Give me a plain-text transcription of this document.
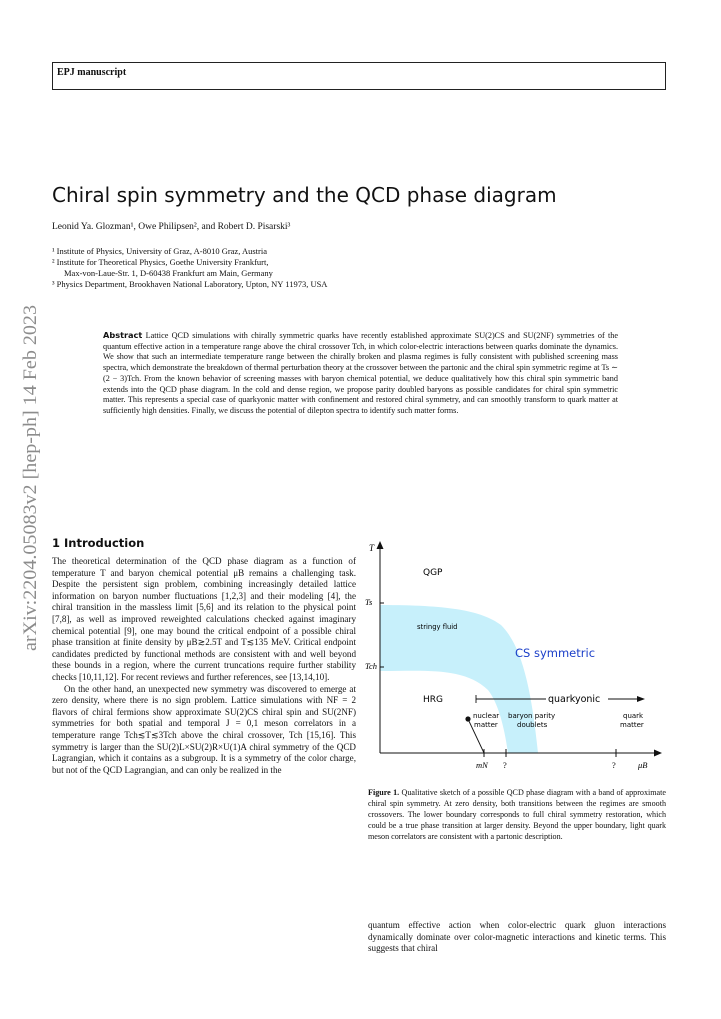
EPJ manuscript
arXiv:2204.05083v2 [hep-ph] 14 Feb 2023
Chiral spin symmetry and the QCD phase diagram
Leonid Ya. Glozman¹, Owe Philipsen², and Robert D. Pisarski³
¹ Institute of Physics, University of Graz, A-8010 Graz, Austria
² Institute for Theoretical Physics, Goethe University Frankfurt,
Max-von-Laue-Str. 1, D-60438 Frankfurt am Main, Germany
³ Physics Department, Brookhaven National Laboratory, Upton, NY 11973, USA
Abstract Lattice QCD simulations with chirally symmetric quarks have recently established approximate SU(2)CS and SU(2NF) symmetries of the quantum effective action in a temperature range above the chiral crossover Tch, in which color-electric interactions between quarks dominate the dynamics. We show that such an intermediate temperature range between the chirally broken and plasma regimes is fully consistent with published screening mass spectra, which demonstrate the breakdown of thermal perturbation theory at the crossover between the partonic and the chiral spin symmetric regime at Ts ∼ (2 − 3)Tch. From the known behavior of screening masses with baryon chemical potential, we deduce qualitatively how this chiral spin symmetric band extends into the QCD phase diagram. In the cold and dense region, we propose parity doubled baryons as possible candidates for chiral spin symmetric matter. This represents a special case of quarkyonic matter with confinement and restored chiral symmetry, and can smoothly transform to quark matter at sufficiently high densities. Finally, we discuss the potential of dilepton spectra to identify such matter forms.
1 Introduction

The theoretical determination of the QCD phase diagram as a function of temperature T and baryon chemical potential μB remains a challenging task. Despite the persistent sign problem, combining increasingly detailed lattice information on baryon number fluctuations [1,2,3] and their modeling [4], the chiral transition in the massless limit [5,6] and its relation to the physical point [7,8], as well as improved reweighted calculations checked against imaginary chemical potential [9], one may bound the critical endpoint of a possible chiral phase transition at finite density by μB≳2.5T and T≲135 MeV. Critical endpoint candidates predicted by functional methods are consistent with and well beyond these bounds in a region, where the current truncations require further stability checks [10,11,12]. For recent reviews and further references, see [13,14,10].

On the other hand, an unexpected new symmetry was discovered to emerge at zero density, where there is no sign problem. Lattice simulations with NF = 2 flavors of chiral fermions show approximate SU(2)CS chiral spin and SU(2NF) symmetries for both spatial and temporal J = 0,1 meson correlators in a temperature range Tch≲T≲3Tch above the chiral crossover, Tch [15,16]. This symmetry is larger than the SU(2)L×SU(2)R×U(1)A chiral symmetry of the QCD Lagrangian, which it contains as a subgroup. It is a symmetry of the color charge, but not of the QCD Lagrangian, and can only be realized in the

T
μB
Ts
Tch
mN ?	?
QGP
stringy fluid
CS symmetric
HRG	quarkyonic
nuclear
matter
baryon parity
doublets
quark
matter
Figure 1. Qualitative sketch of a possible QCD phase diagram with a band of approximate chiral spin symmetry. At zero density, both transitions between the regimes are smooth crossovers. The lower boundary corresponds to full chiral symmetry restoration, which could be a true phase transition at larger density. Beyond the upper boundary, light quark meson correlators are consistent with a partonic description.
quantum effective action when color-electric quark gluon interactions dynamically dominate over color-magnetic interactions and kinetic terms. This suggests that chiral
